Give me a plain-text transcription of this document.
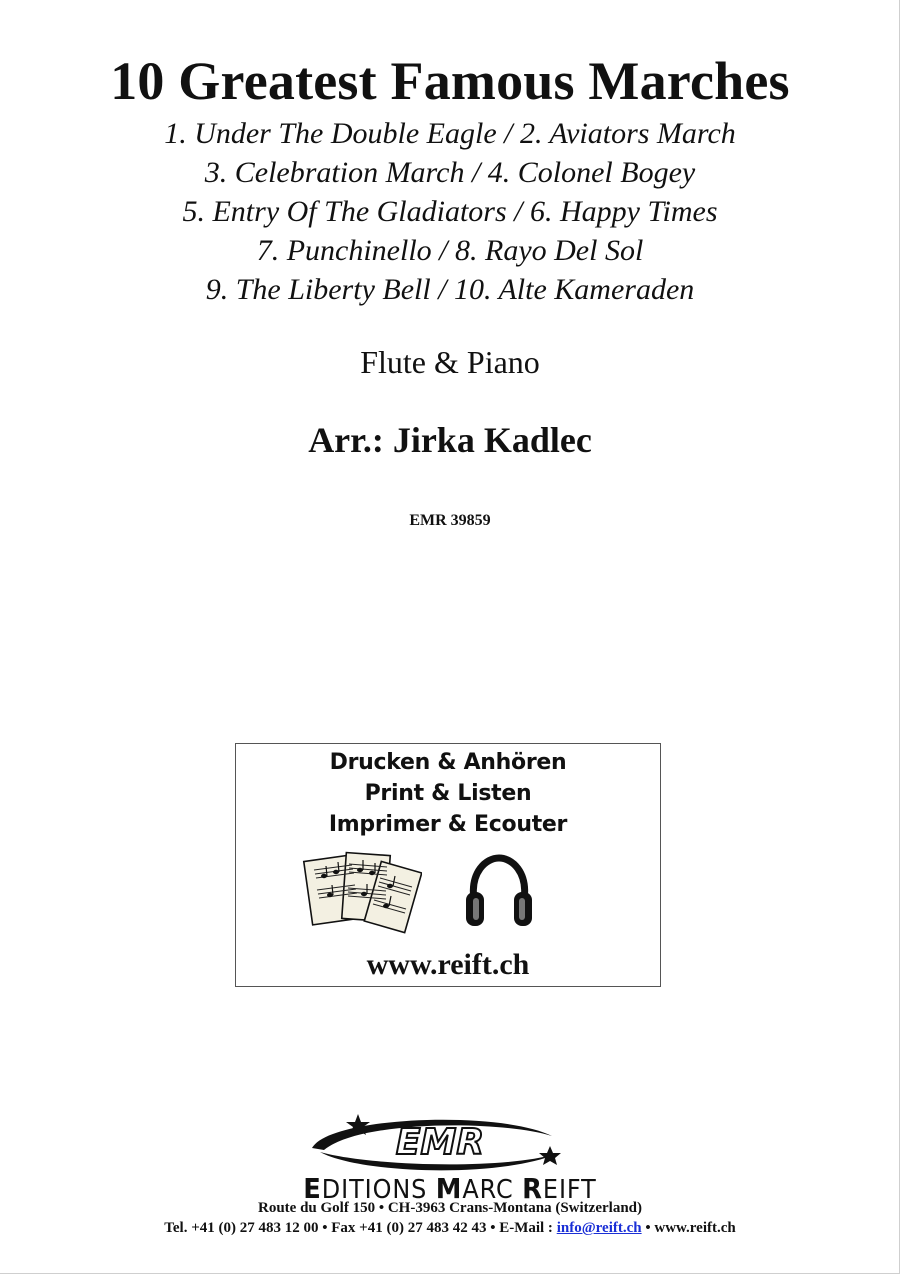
10 Greatest Famous Marches
1. Under The Double Eagle / 2. Aviators March
3. Celebration March / 4. Colonel Bogey
5. Entry Of The Gladiators / 6. Happy Times
7. Punchinello / 8. Rayo Del Sol
9. The Liberty Bell / 10. Alte Kameraden
Flute & Piano
Arr.: Jirka Kadlec
EMR 39859
Drucken & Anhören
Print & Listen
Imprimer & Ecouter
www.reift.ch
EMR
EDITIONS MARC REIFT
Route du Golf 150 • CH-3963 Crans-Montana (Switzerland)
Tel. +41 (0) 27 483 12 00 • Fax +41 (0) 27 483 42 43 • E-Mail : info@reift.ch • www.reift.ch
